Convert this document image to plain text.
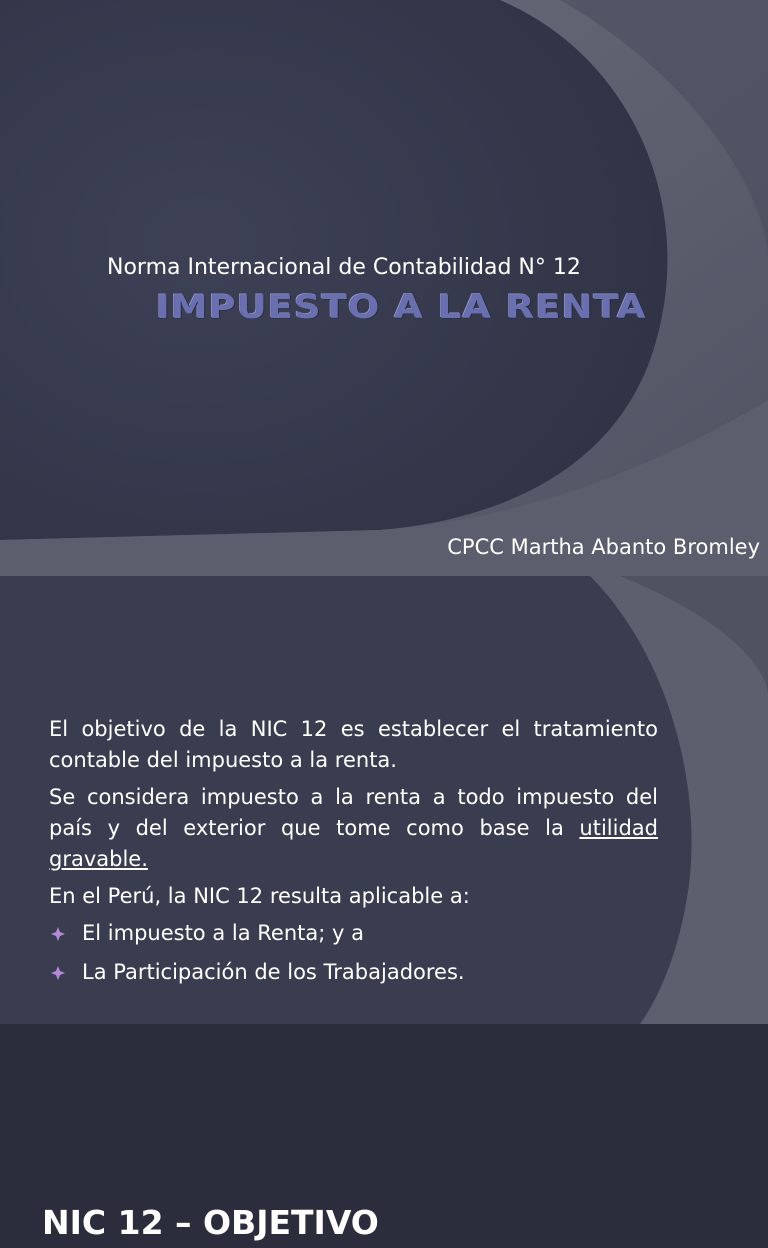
Norma Internacional de Contabilidad N° 12
IMPUESTO A LA RENTA
CPCC Martha Abanto Bromley
NIC 12 – OBJETIVO

El objetivo de la NIC 12 es establecer el tratamiento contable del impuesto a la renta.

Se considera impuesto a la renta a todo impuesto del país y del exterior que tome como base la utilidad gravable.

En el Perú, la NIC 12 resulta aplicable a:

El impuesto a la Renta; y a
La Participación de los Trabajadores.
